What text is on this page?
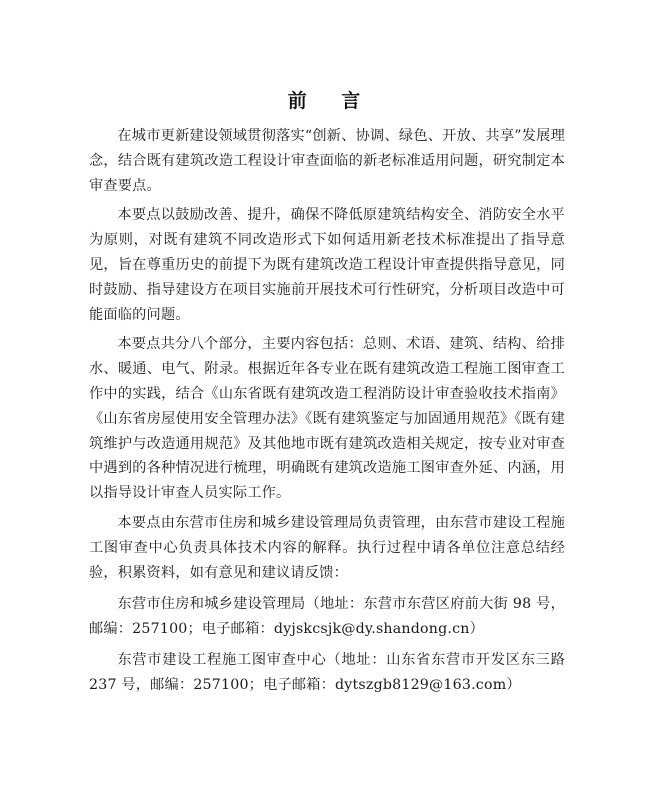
前 言

在城市更新建设领域贯彻落实“创新、协调、绿色、开放、共享”发展理念，结合既有建筑改造工程设计审查面临的新老标准适用问题，研究制定本审查要点。

本要点以鼓励改善、提升，确保不降低原建筑结构安全、消防安全水平为原则，对既有建筑不同改造形式下如何适用新老技术标准提出了指导意见，旨在尊重历史的前提下为既有建筑改造工程设计审查提供指导意见，同时鼓励、指导建设方在项目实施前开展技术可行性研究，分析项目改造中可能面临的问题。

本要点共分八个部分，主要内容包括：总则、术语、建筑、结构、给排水、暖通、电气、附录。根据近年各专业在既有建筑改造工程施工图审查工作中的实践，结合《山东省既有建筑改造工程消防设计审查验收技术指南》《山东省房屋使用安全管理办法》《既有建筑鉴定与加固通用规范》《既有建筑维护与改造通用规范》及其他地市既有建筑改造相关规定，按专业对审查中遇到的各种情况进行梳理，明确既有建筑改造施工图审查外延、内涵，用以指导设计审查人员实际工作。

本要点由东营市住房和城乡建设管理局负责管理，由东营市建设工程施工图审查中心负责具体技术内容的解释。执行过程中请各单位注意总结经验，积累资料，如有意见和建议请反馈：

东营市住房和城乡建设管理局（地址：东营市东营区府前大街 98 号，邮编：257100；电子邮箱：dyjskcsjk@dy.shandong.cn）

东营市建设工程施工图审查中心（地址：山东省东营市开发区东三路 237 号，邮编：257100；电子邮箱：dytszgb8129@163.com）
